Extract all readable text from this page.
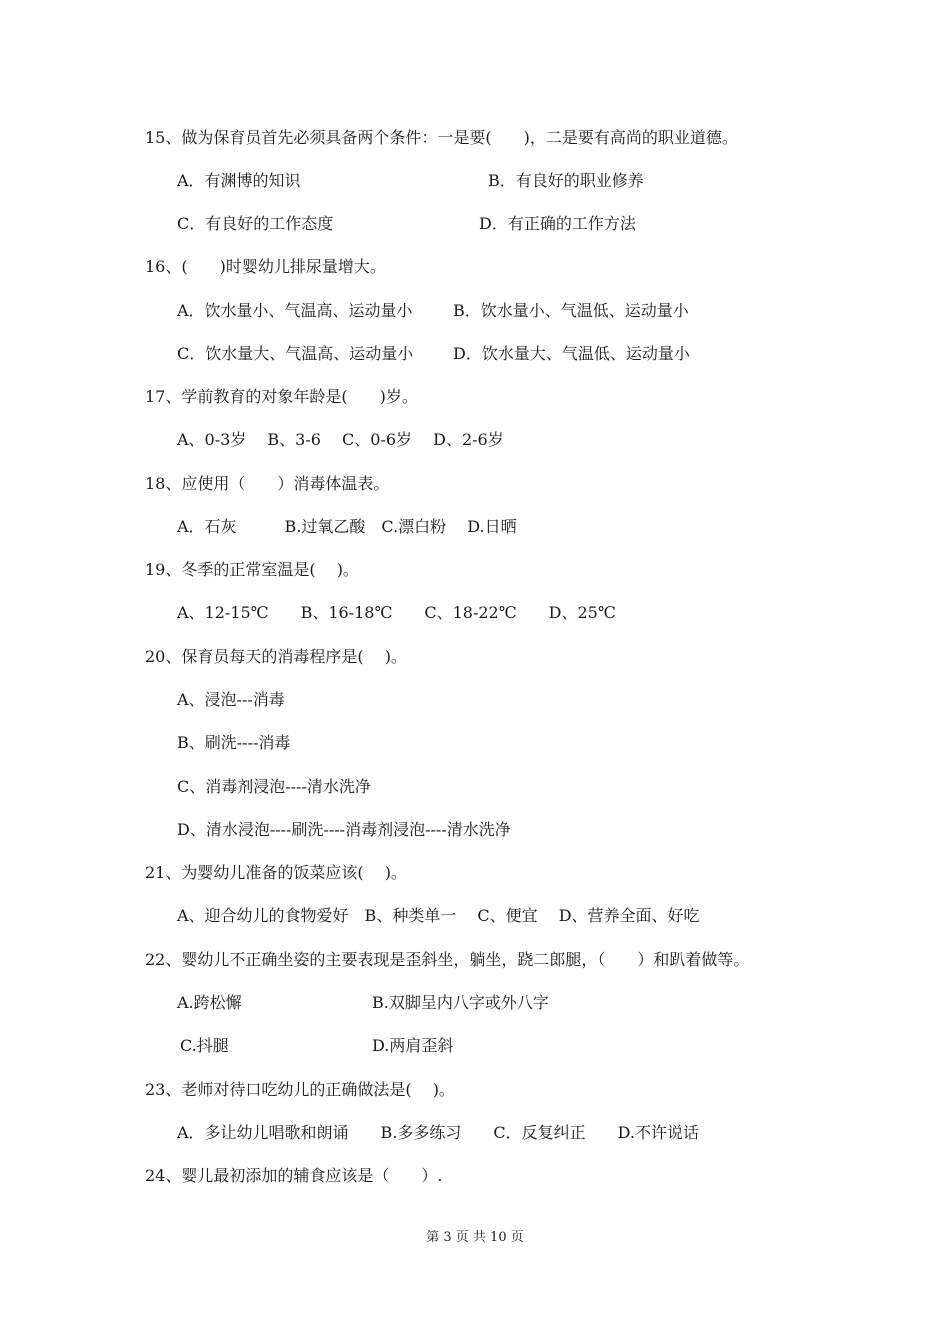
15、做为保育员首先必须具备两个条件：一是要(　　)，二是要有高尚的职业道德。
A．有渊博的知识	B．有良好的职业修养
C．有良好的工作态度	D．有正确的工作方法
16、(　　)时婴幼儿排尿量增大。
A．饮水量小、气温高、运动量小	B．饮水量小、气温低、运动量小
C．饮水量大、气温高、运动量小 D．饮水量大、气温低、运动量小
17、学前教育的对象年龄是(　　)岁。
A、0-3岁　 B、3-6　 C、0-6岁　 D、2-6岁
18、应使用（　　）消毒体温表。
A．石灰　　　B.过氧乙酸　C.漂白粉　 D.日晒
19、冬季的正常室温是(　 )。
A、12-15℃　　B、16-18℃　　C、18-22℃　　D、25℃
20、保育员每天的消毒程序是(　 )。
A、浸泡---消毒
B、刷洗----消毒
C、消毒剂浸泡----清水洗净
D、清水浸泡----刷洗----消毒剂浸泡----清水洗净
21、为婴幼儿准备的饭菜应该(　 )。
A、迎合幼儿的食物爱好　B、种类单一　 C、便宜　 D、营养全面、好吃
22、婴幼儿不正确坐姿的主要表现是歪斜坐，躺坐，跷二郎腿，（　　）和趴着做等。
A.跨松懈	B.双脚呈内八字或外八字
C.抖腿	D.两肩歪斜
23、老师对待口吃幼儿的正确做法是(　 )。
A．多让幼儿唱歌和朗诵　　B.多多练习　　C．反复纠正　　D.不许说话
24、婴儿最初添加的辅食应该是（　　）.
第 3 页 共 10 页
